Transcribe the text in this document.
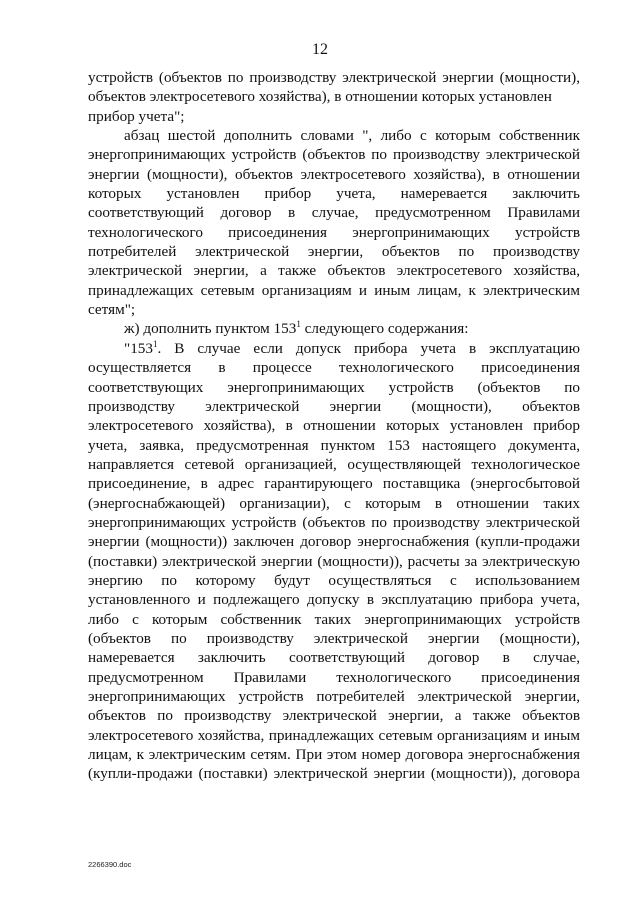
12
устройств (объектов по производству электрической энергии (мощности),
объектов электросетевого хозяйства), в отношении которых установлен
прибор учета";
абзац шестой дополнить словами ", либо с которым собственник
энергопринимающих устройств (объектов по производству электрической
энергии (мощности), объектов электросетевого хозяйства), в отношении
которых установлен прибор учета, намеревается заключить
соответствующий договор в случае, предусмотренном Правилами
технологического присоединения энергопринимающих устройств
потребителей электрической энергии, объектов по производству
электрической энергии, а также объектов электросетевого хозяйства,
принадлежащих сетевым организациям и иным лицам, к электрическим
сетям";
ж) дополнить пунктом $153^1$ следующего содержания:
"$153^1$. В случае если допуск прибора учета в эксплуатацию
осуществляется в процессе технологического присоединения
соответствующих энергопринимающих устройств (объектов по
производству электрической энергии (мощности), объектов
электросетевого хозяйства), в отношении которых установлен прибор
учета, заявка, предусмотренная пунктом 153 настоящего документа,
направляется сетевой организацией, осуществляющей технологическое
присоединение, в адрес гарантирующего поставщика (энергосбытовой
(энергоснабжающей) организации), с которым в отношении таких
энергопринимающих устройств (объектов по производству электрической
энергии (мощности)) заключен договор энергоснабжения (купли-продажи
(поставки) электрической энергии (мощности)), расчеты за электрическую
энергию по которому будут осуществляться с использованием
установленного и подлежащего допуску в эксплуатацию прибора учета,
либо с которым собственник таких энергопринимающих устройств
(объектов по производству электрической энергии (мощности),
намеревается заключить соответствующий договор в случае,
предусмотренном Правилами технологического присоединения
энергопринимающих устройств потребителей электрической энергии,
объектов по производству электрической энергии, а также объектов
электросетевого хозяйства, принадлежащих сетевым организациям и иным
лицам, к электрическим сетям. При этом номер договора энергоснабжения
(купли-продажи (поставки) электрической энергии (мощности)), договора
2266390.doc
